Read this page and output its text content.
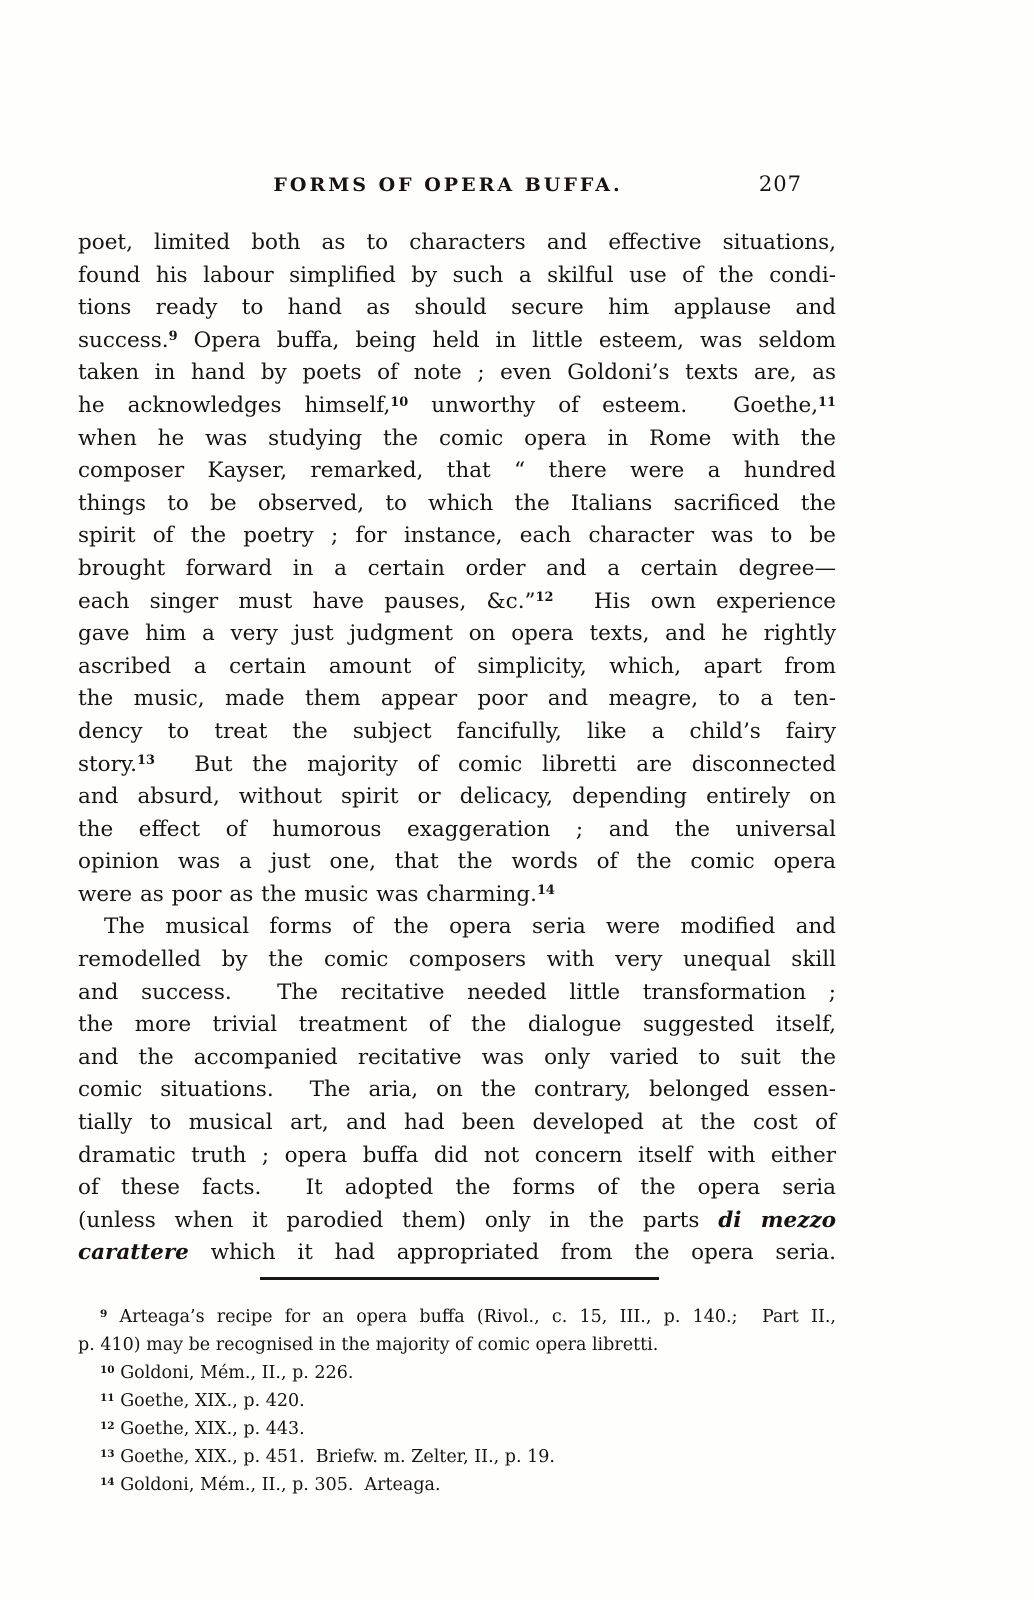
FORMS OF OPERA BUFFA.	207
poet, limited both as to characters and effective situations,
found his labour simplified by such a skilful use of the condi-
tions ready to hand as should secure him applause and
success.$^9$ Opera buffa, being held in little esteem, was seldom
taken in hand by poets of note ; even Goldoni’s texts are, as
he acknowledges himself,$^{10}$ unworthy of esteem.  Goethe,$^{11}$
when he was studying the comic opera in Rome with the
composer Kayser, remarked, that “ there were a hundred
things to be observed, to which the Italians sacrificed the
spirit of the poetry ; for instance, each character was to be
brought forward in a certain order and a certain degree—
each singer must have pauses, &c.”$^{12}$  His own experience
gave him a very just judgment on opera texts, and he rightly
ascribed a certain amount of simplicity, which, apart from
the music, made them appear poor and meagre, to a ten-
dency to treat the subject fancifully, like a child’s fairy
story.$^{13}$  But the majority of comic libretti are disconnected
and absurd, without spirit or delicacy, depending entirely on
the effect of humorous exaggeration ; and the universal
opinion was a just one, that the words of the comic opera
were as poor as the music was charming.$^{14}$
The musical forms of the opera seria were modified and
remodelled by the comic composers with very unequal skill
and success.  The recitative needed little transformation ;
the more trivial treatment of the dialogue suggested itself,
and the accompanied recitative was only varied to suit the
comic situations.  The aria, on the contrary, belonged essen-
tially to musical art, and had been developed at the cost of
dramatic truth ; opera buffa did not concern itself with either
of these facts.  It adopted the forms of the opera seria
(unless when it parodied them) only in the parts di mezzo
carattere which it had appropriated from the opera seria.
$^9$ Arteaga’s recipe for an opera buffa (Rivol., c. 15, III., p. 140.;  Part II.,
p. 410) may be recognised in the majority of comic opera libretti.
$^{10}$ Goldoni, Mém., II., p. 226.
$^{11}$ Goethe, XIX., p. 420.
$^{12}$ Goethe, XIX., p. 443.
$^{13}$ Goethe, XIX., p. 451.  Briefw. m. Zelter, II., p. 19.
$^{14}$ Goldoni, Mém., II., p. 305.  Arteaga.
